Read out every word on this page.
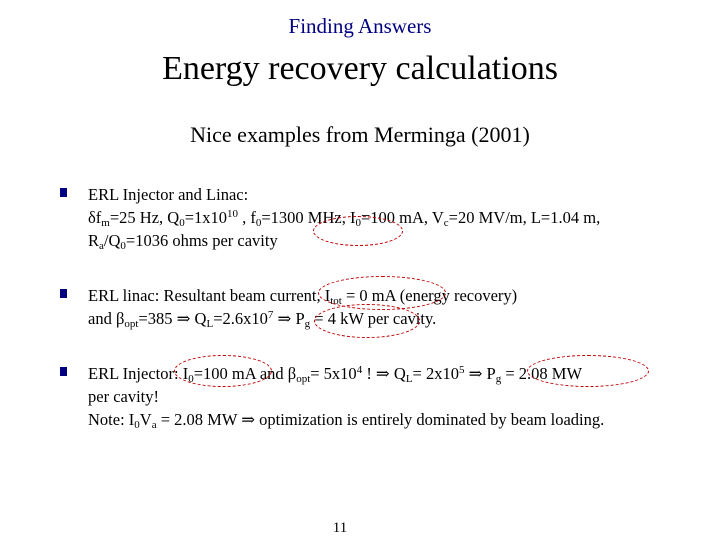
Finding Answers
Energy recovery calculations
Nice examples from Merminga (2001)
ERL Injector and Linac:
$\delta f_m=25$ Hz, $Q_0=1x10^{10}$ , $f_0=1300$ MHz, $I_0=100$ mA, $V_c=20$ MV/m, L=1.04 m,
$R_a/Q_0=1036$ ohms per cavity
ERL linac: Resultant beam current, $I_{tot} = 0$ mA (energy recovery)
and $\beta_{opt}=385$ ⇒ $Q_L=2.6x10^7$ ⇒ $P_g = 4$ kW per cavity.
ERL Injector: $I_0=100$ mA and $\beta_{opt}= 5x10^4$ ! ⇒ $Q_L= 2x10^5$ ⇒ $P_g = 2.08$ MW
per cavity!
Note: $I_0V_a = 2.08$ MW ⇒ optimization is entirely dominated by beam loading.
11
